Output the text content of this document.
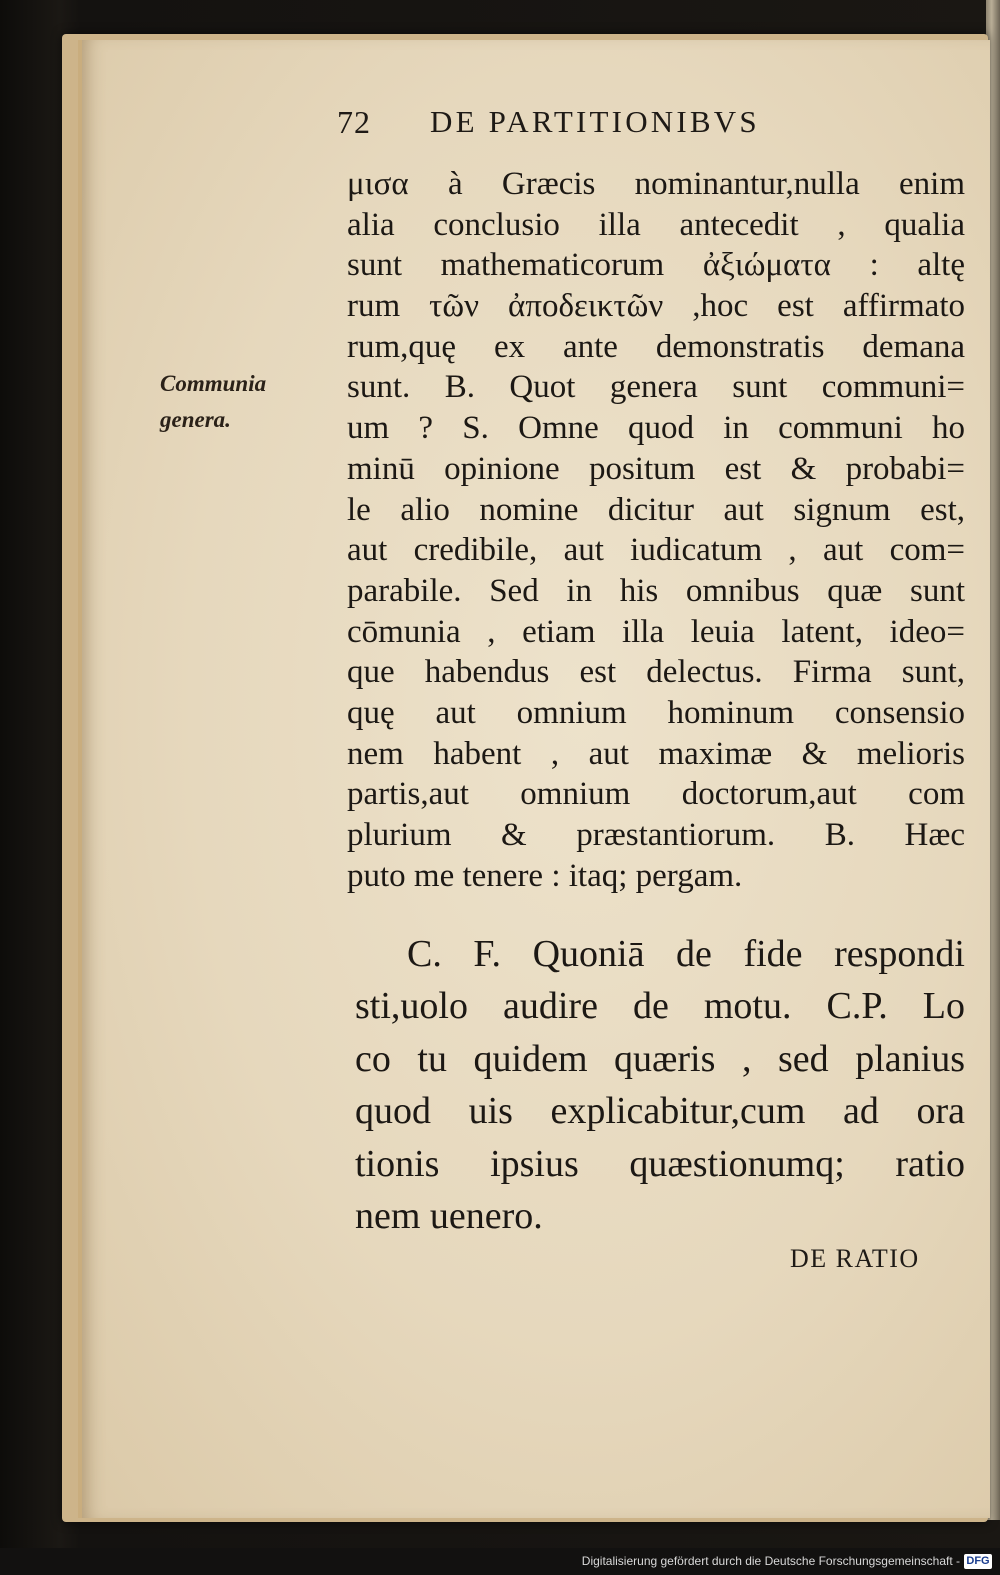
72 DE PARTITIONIBVS
Communia
genera.
μισα à Græcis nominantur,nulla enim
alia conclusio illa antecedit , qualia
sunt mathematicorum ἀξιώματα : altę
rum τῶν ἀποδεικτῶν ,hoc est affirmato
rum,quę ex ante demonstratis demana
sunt. B. Quot genera sunt communi=
um ? S. Omne quod in communi ho
minū opinione positum est & probabi=
le alio nomine dicitur aut signum est,
aut credibile, aut iudicatum , aut com=
parabile. Sed in his omnibus quæ sunt
cōmunia , etiam illa leuia latent, ideo=
que habendus est delectus. Firma sunt,
quę aut omnium hominum consensio
nem habent , aut maximæ & melioris
partis,aut omnium doctorum,aut com
plurium & præstantiorum. B. Hæc
puto me tenere : itaq; pergam.
C. F. Quoniā de fide respondi
sti,uolo audire de motu. C.P. Lo
co tu quidem quæris , sed planius
quod uis explicabitur,cum ad ora
tionis ipsius quæstionumq; ratio
nem uenero.
DE RATIO
Digitalisierung gefördert durch die Deutsche Forschungsgemeinschaft - DFG
